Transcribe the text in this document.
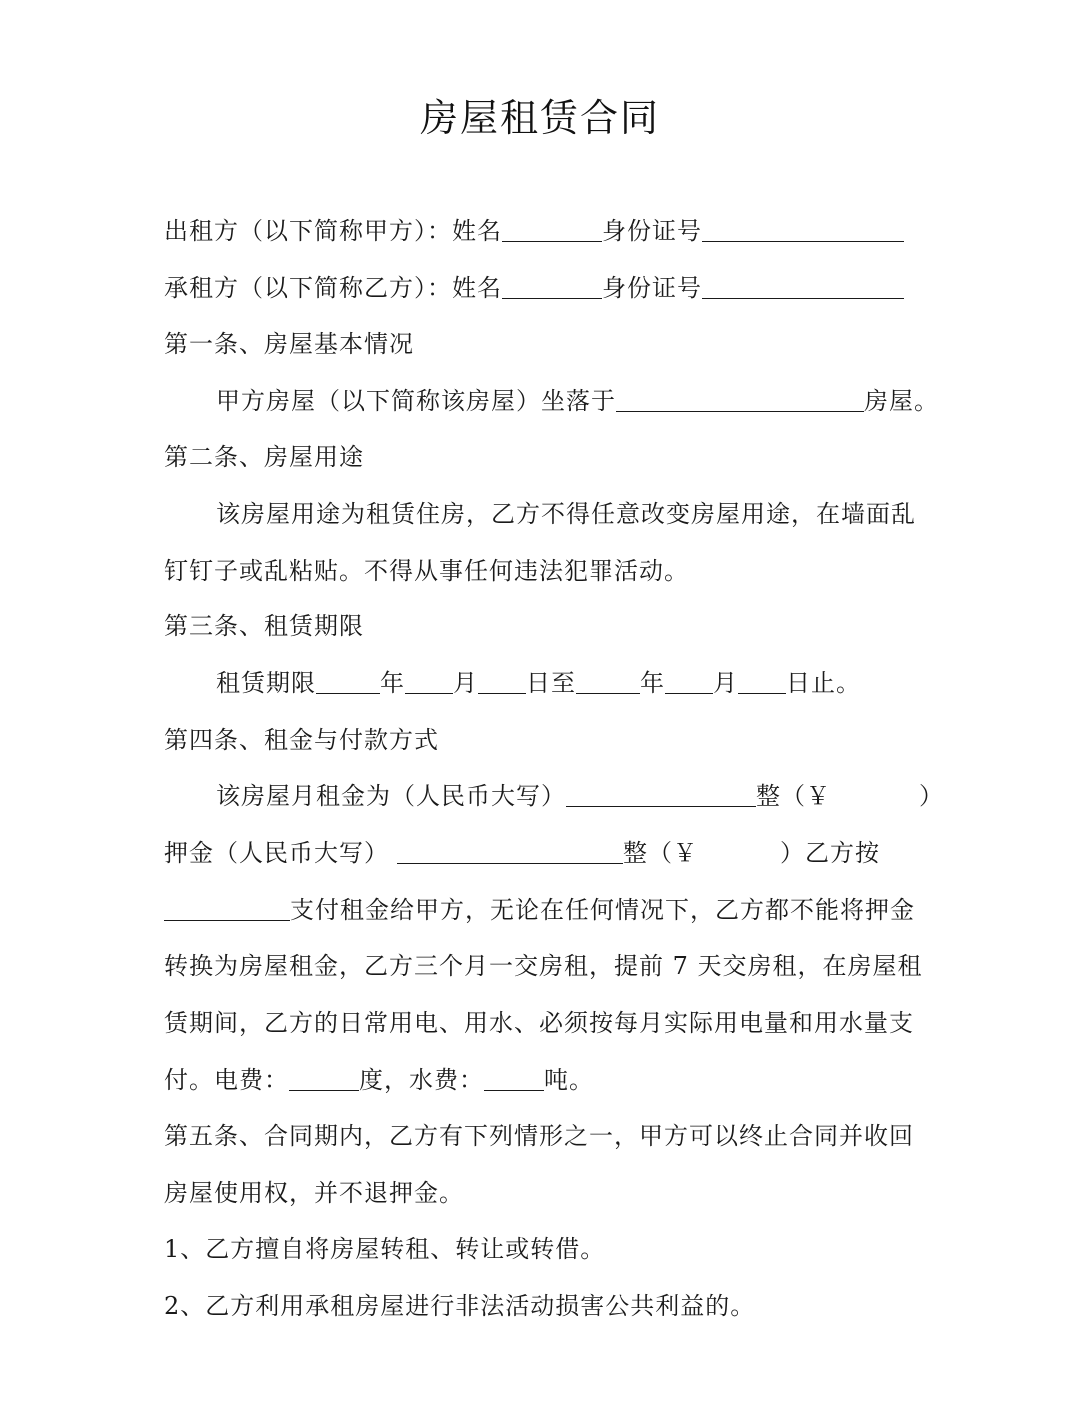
房屋租赁合同
出租方（以下简称甲方）：姓名	身份证号
承租方（以下简称乙方）：姓名	身份证号
第一条、房屋基本情况
甲方房屋（以下简称该房屋）坐落于	房屋。
第二条、房屋用途
该房屋用途为租赁住房，乙方不得任意改变房屋用途，在墙面乱
钉钉子或乱粘贴。不得从事任何违法犯罪活动。
第三条、租赁期限
租赁期限	年 月 日至	年 月 日止。
第四条、租金与付款方式
该房屋月租金为（人民币大写）	整（￥	）
押金（人民币大写）	整（￥	）乙方按
支付租金给甲方，无论在任何情况下，乙方都不能将押金
转换为房屋租金，乙方三个月一交房租，提前 7 天交房租，在房屋租
赁期间，乙方的日常用电、用水、必须按每月实际用电量和用水量支
付。电费：	度，水费：	吨。
第五条、合同期内，乙方有下列情形之一，甲方可以终止合同并收回
房屋使用权，并不退押金。
1、乙方擅自将房屋转租、转让或转借。
2、乙方利用承租房屋进行非法活动损害公共利益的。
